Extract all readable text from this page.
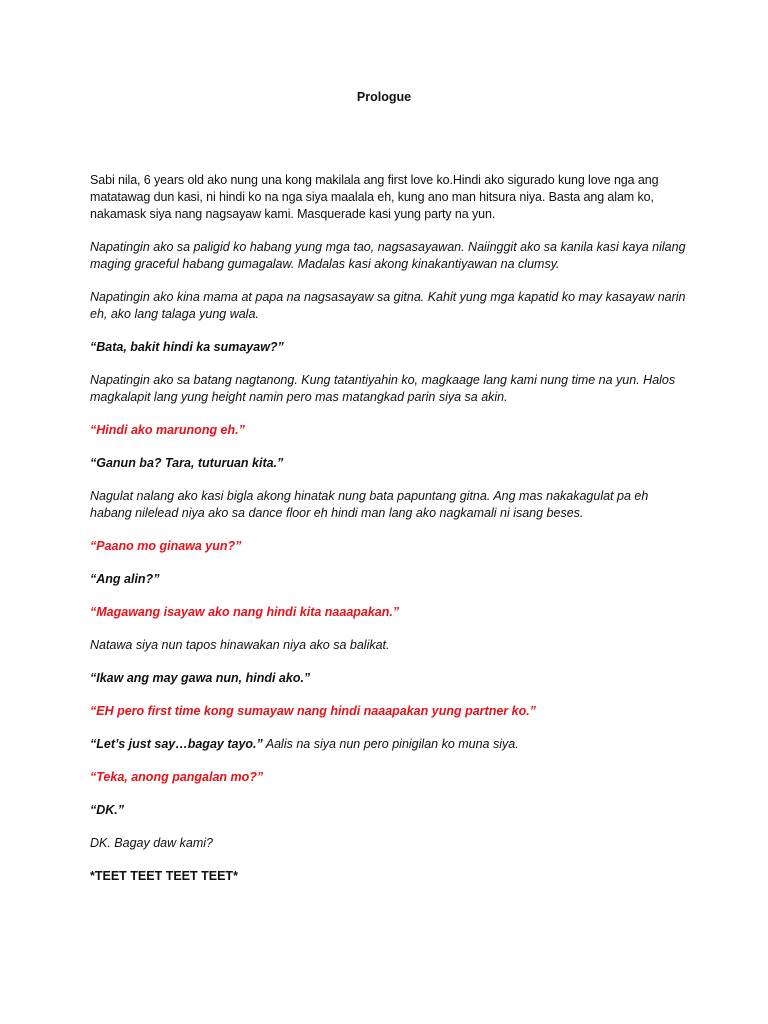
Prologue

Sabi nila, 6 years old ako nung una kong makilala ang first love ko.Hindi ako sigurado kung love nga ang matatawag dun kasi, ni hindi ko na nga siya maalala eh, kung ano man hitsura niya. Basta ang alam ko, nakamask siya nang nagsayaw kami. Masquerade kasi yung party na yun.

Napatingin ako sa paligid ko habang yung mga tao, nagsasayawan. Naiinggit ako sa kanila kasi kaya nilang maging graceful habang gumagalaw. Madalas kasi akong kinakantiyawan na clumsy.

Napatingin ako kina mama at papa na nagsasayaw sa gitna. Kahit yung mga kapatid ko may kasayaw narin eh, ako lang talaga yung wala.

“Bata, bakit hindi ka sumayaw?”

Napatingin ako sa batang nagtanong. Kung tatantiyahin ko, magkaage lang kami nung time na yun. Halos magkalapit lang yung height namin pero mas matangkad parin siya sa akin.

“Hindi ako marunong eh.”

“Ganun ba? Tara, tuturuan kita.”

Nagulat nalang ako kasi bigla akong hinatak nung bata papuntang gitna. Ang mas nakakagulat pa eh habang nilelead niya ako sa dance floor eh hindi man lang ako nagkamali ni isang beses.

“Paano mo ginawa yun?”

“Ang alin?”

“Magawang isayaw ako nang hindi kita naaapakan.”

Natawa siya nun tapos hinawakan niya ako sa balikat.

“Ikaw ang may gawa nun, hindi ako.”

“EH pero first time kong sumayaw nang hindi naaapakan yung partner ko.”

“Let’s just say…bagay tayo.” Aalis na siya nun pero pinigilan ko muna siya.

“Teka, anong pangalan mo?”

“DK.”

DK. Bagay daw kami?

*TEET TEET TEET TEET*
